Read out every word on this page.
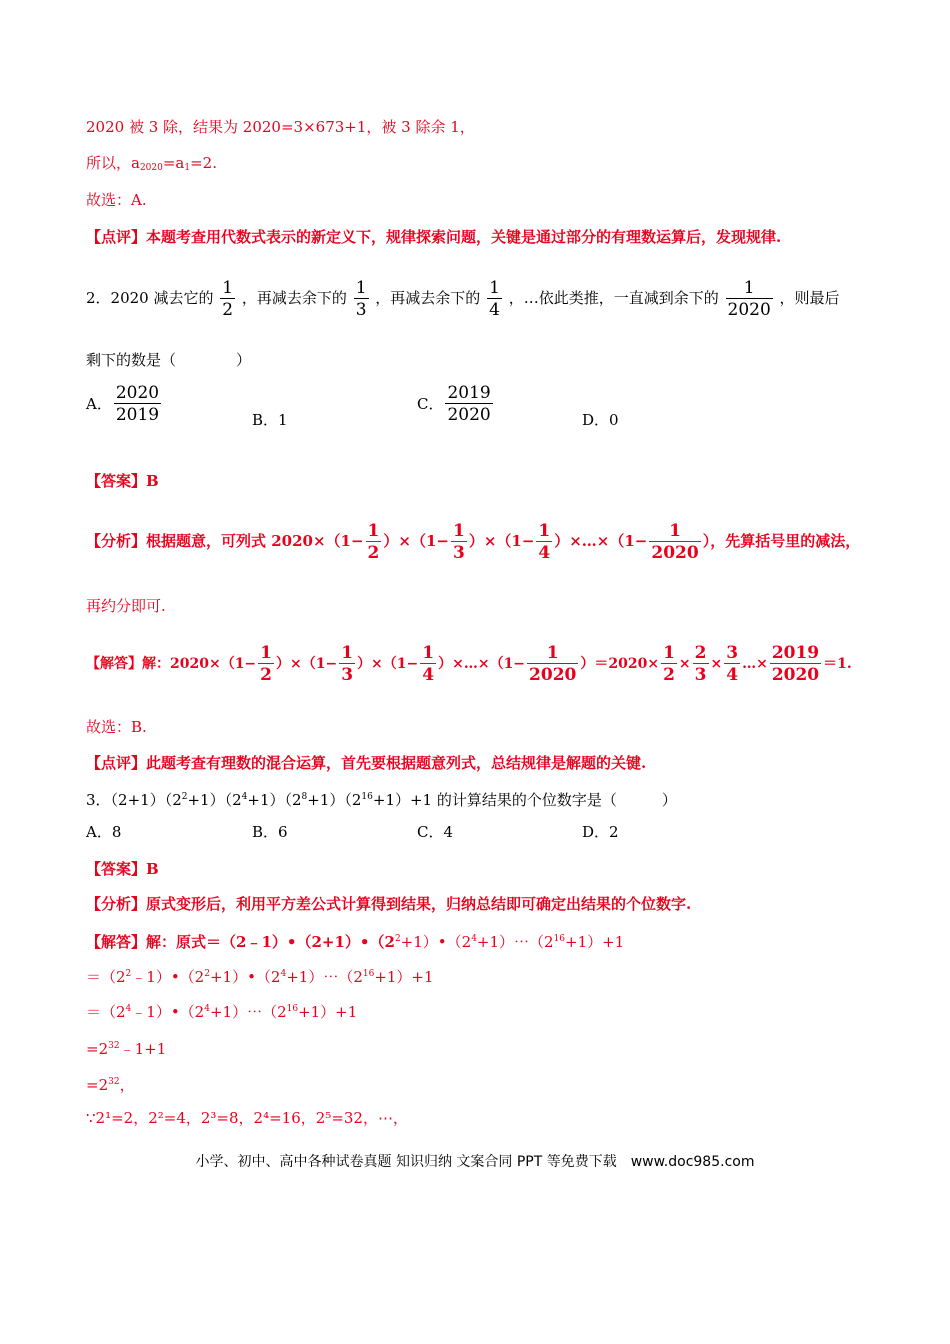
2020 被 3 除，结果为 2020=3×673+1，被 3 除余 1，
所以，$a_{2020}=a_1=2$.
故选：A.
【点评】本题考查用代数式表示的新定义下，规律探索问题，关键是通过部分的有理数运算后，发现规律.
2．2020 减去它的 $\frac{1}{2}$ ，再减去余下的 $\frac{1}{3}$ ，再减去余下的 $\frac{1}{4}$ ，…依此类推，一直减到余下的 $\frac{1}{2020}$ ，则最后
剩下的数是（　　　　）
A． $\frac{2020}{2019}$	B．1
C． $\frac{2019}{2020}$	D．0
【答案】B
【分析】根据题意，可列式 $2020\times(1- \frac{1}{2} )\times(1- \frac{1}{3} )\times(1- \frac{1}{4}$ ）×…×（1− $\frac{1}{2020}$ ），先算括号里的减法，
再约分即可.
【解答】解：$2020\times(1- \frac{1}{2} )\times(1- \frac{1}{3} )\times(1- \frac{1}{4}$ ）×…×（1− $\frac{1}{2020} )=2020\times \frac{1}{2} \times \frac{2}{3} \times \frac{3}{4}$ …× $\frac{2019}{2020} =1$.
故选：B.
【点评】此题考查有理数的混合运算，首先要根据题意列式，总结规律是解题的关键.
3．$(2+1)(2^2+1)(2^4+1)(2^8+1)(2^{16}+1)+1$ 的计算结果的个位数字是（　　　）
A．8	B．6	C．4	D．2
【答案】B
【分析】原式变形后，利用平方差公式计算得到结果，归纳总结即可确定出结果的个位数字.
【解答】解：原式$=(2﹣1)•(2+1)•(2^2+1)•(2^4+1)\cdots(2^{16}+1)+1$
$=(2^2﹣1)•(2^2+1)•(2^4+1)\cdots(2^{16}+1)+1$
$=(2^4﹣1)•(2^4+1)\cdots(2^{16}+1)+1$
$=2^{32}﹣1+1$
$=2^{32}$，
∵2¹=2，2²=4，2³=8，2⁴=16，2⁵=32，⋯，
小学、初中、高中各种试卷真题 知识归纳 文案合同 PPT 等免费下载　www.doc985.com
